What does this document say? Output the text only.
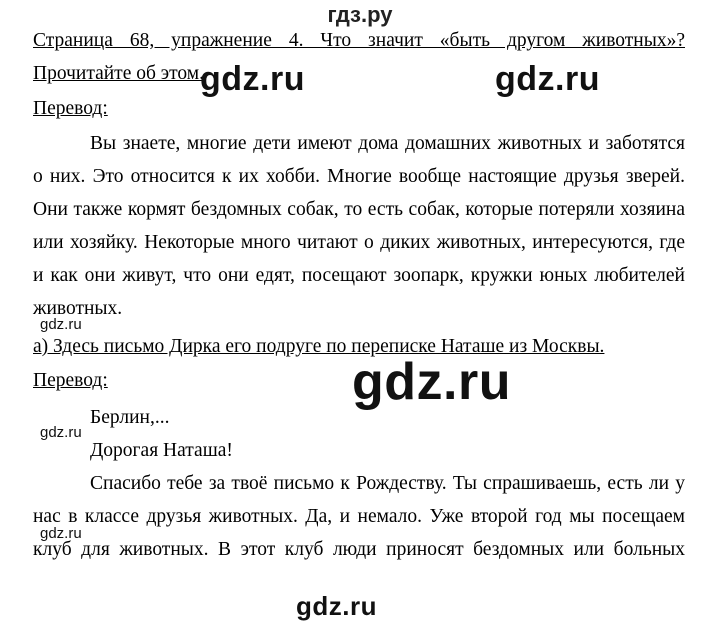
гдз.ру
Страница 68, упражнение 4. Что значит «быть другом животных»?
Прочитайте об этом.
gdz.ru	gdz.ru
Перевод:
Вы знаете, многие дети имеют дома домашних животных и заботятся
о них. Это относится к их хобби. Многие вообще настоящие друзья зверей.
Они также кормят бездомных собак, то есть собак, которые потеряли хозяина
или хозяйку. Некоторые много читают о диких животных, интересуются, где
и как они живут, что они едят, посещают зоопарк, кружки юных любителей
животных.
gdz.ru
а) Здесь письмо Дирка его подруге по переписке Наташе из Москвы.
Перевод:	gdz.ru
Берлин,...
gdz.ru
Дорогая Наташа!
Спасибо тебе за твоё письмо к Рождеству. Ты спрашиваешь, есть ли у
нас в классе друзья животных. Да, и немало. Уже второй год мы посещаем
gdz.ru
клуб для животных. В этот клуб люди приносят бездомных или больных
gdz.ru
